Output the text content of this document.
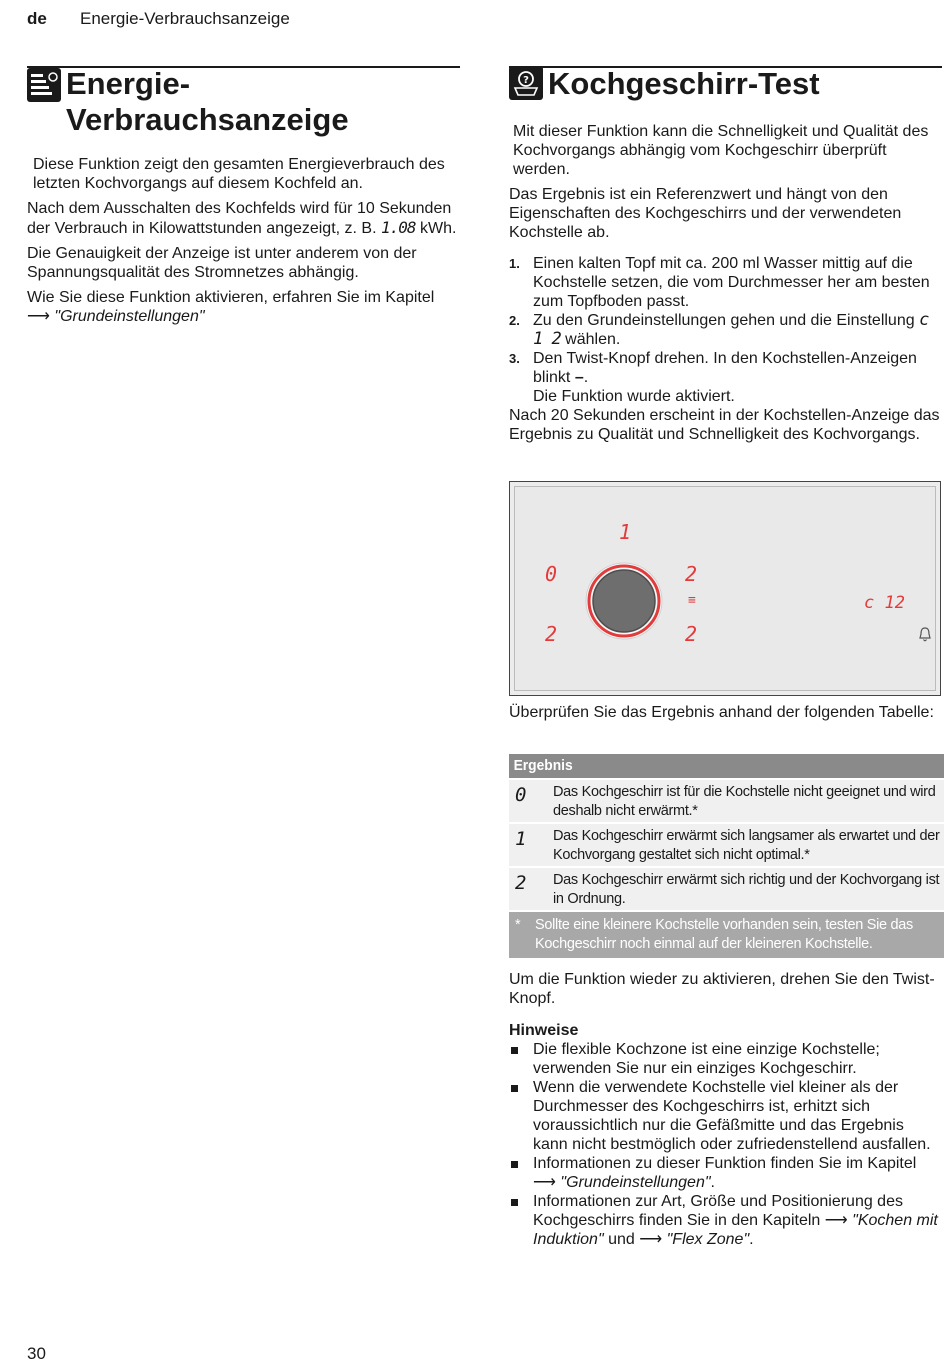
de Energie-Verbrauchsanzeige
Energie-
Verbrauchsanzeige

Diese Funktion zeigt den gesamten Energieverbrauch des letzten Kochvorgangs auf diesem Kochfeld an.

Nach dem Ausschalten des Kochfelds wird für 10 Sekunden der Verbrauch in Kilowattstunden angezeigt, z. B. 1.08 kWh.

Die Genauigkeit der Anzeige ist unter anderem von der Spannungsqualität des Stromnetzes abhängig.

Wie Sie diese Funktion aktivieren, erfahren Sie im Kapitel ⟶ "Grundeinstellungen"

? Kochgeschirr-Test

Mit dieser Funktion kann die Schnelligkeit und Qualität des Kochvorgangs abhängig vom Kochgeschirr überprüft werden.

Das Ergebnis ist ein Referenzwert und hängt von den Eigenschaften des Kochgeschirrs und der verwendeten Kochstelle ab.

1. Einen kalten Topf mit ca. 200 ml Wasser mittig auf die Kochstelle setzen, die vom Durchmesser her am besten zum Topfboden passt.
2. Zu den Grundeinstellungen gehen und die Einstellung c 1 2 wählen.
3. Den Twist-Knopf drehen. In den Kochstellen-Anzeigen blinkt –.
Die Funktion wurde aktiviert.

Nach 20 Sekunden erscheint in der Kochstellen-Anzeige das Ergebnis zu Qualität und Schnelligkeit des Kochvorgangs.

1
0
2
2
2
≡	c 12
Überprüfen Sie das Ergebnis anhand der folgenden Tabelle:
Ergebnis
0	Das Kochgeschirr ist für die Kochstelle nicht geeignet und wird deshalb nicht erwärmt.*
1	Das Kochgeschirr erwärmt sich langsamer als erwartet und der Kochvorgang gestaltet sich nicht optimal.*
2	Das Kochgeschirr erwärmt sich richtig und der Kochvorgang ist in Ordnung.
* Sollte eine kleinere Kochstelle vorhanden sein, testen Sie das Kochgeschirr noch einmal auf der kleineren Kochstelle.
Um die Funktion wieder zu aktivieren, drehen Sie den Twist-Knopf.
Hinweise
Die flexible Kochzone ist eine einzige Kochstelle; verwenden Sie nur ein einziges Kochgeschirr.
Wenn die verwendete Kochstelle viel kleiner als der Durchmesser des Kochgeschirrs ist, erhitzt sich voraussichtlich nur die Gefäßmitte und das Ergebnis kann nicht bestmöglich oder zufriedenstellend ausfallen.
Informationen zu dieser Funktion finden Sie im Kapitel ⟶ "Grundeinstellungen".
Informationen zur Art, Größe und Positionierung des Kochgeschirrs finden Sie in den Kapiteln ⟶ "Kochen mit Induktion" und ⟶ "Flex Zone".
30
